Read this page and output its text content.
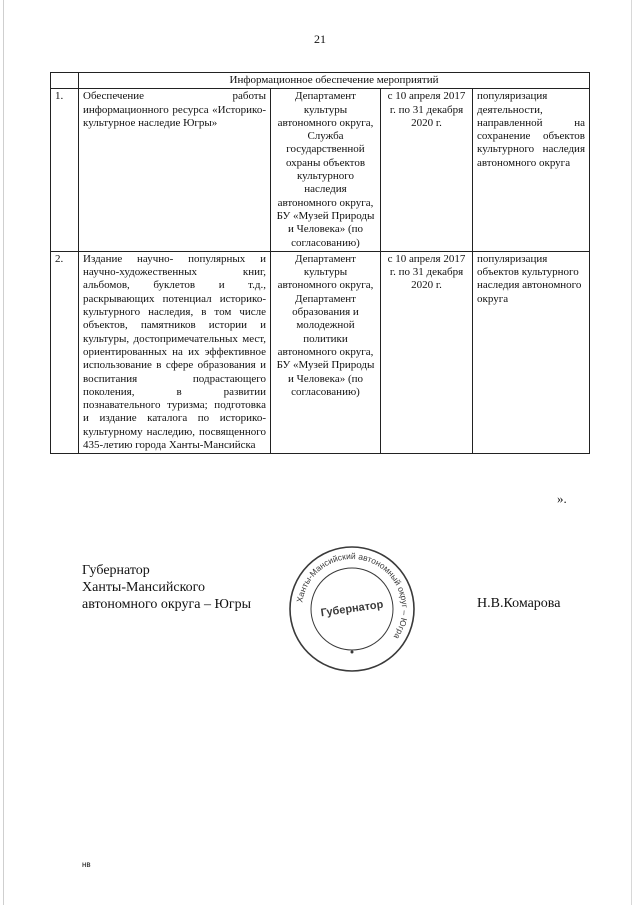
21
	Информационное обеспечение мероприятий			
1.	Обеспечение работы информационного ресурса «Историко-культурное наследие Югры»	Департамент культуры автономного округа, Служба государственной охраны объектов культурного наследия автономного округа, БУ «Музей Природы и Человека» (по согласованию)	с 10 апреля 2017 г. по 31 декабря 2020 г.	популяризация деятельности, направленной на сохранение объектов культурного наследия автономного округа
2.	Издание научно- популярных и научно-художественных книг, альбомов, буклетов и т.д., раскрывающих потенциал историко-культурного наследия, в том числе объектов, памятников истории и культуры, достопримечательных мест, ориентированных на их эффективное использование в сфере образования и воспитания подрастающего поколения, в развитии познавательного туризма; подготовка и издание каталога по историко-культурному наследию, посвященного 435-летию города Ханты-Мансийска	Департамент культуры автономного округа, Департамент образования и молодежной политики автономного округа, БУ «Музей Природы и Человека» (по согласованию)	с 10 апреля 2017 г. по 31 декабря 2020 г.	популяризация объектов культурного наследия автономного округа
».
Губернатор
Ханты-Мансийского
автономного округа – Югры	Ханты-Мансийский автономный округ – Югра
Губернатор	Н.В.Комарова
нв
